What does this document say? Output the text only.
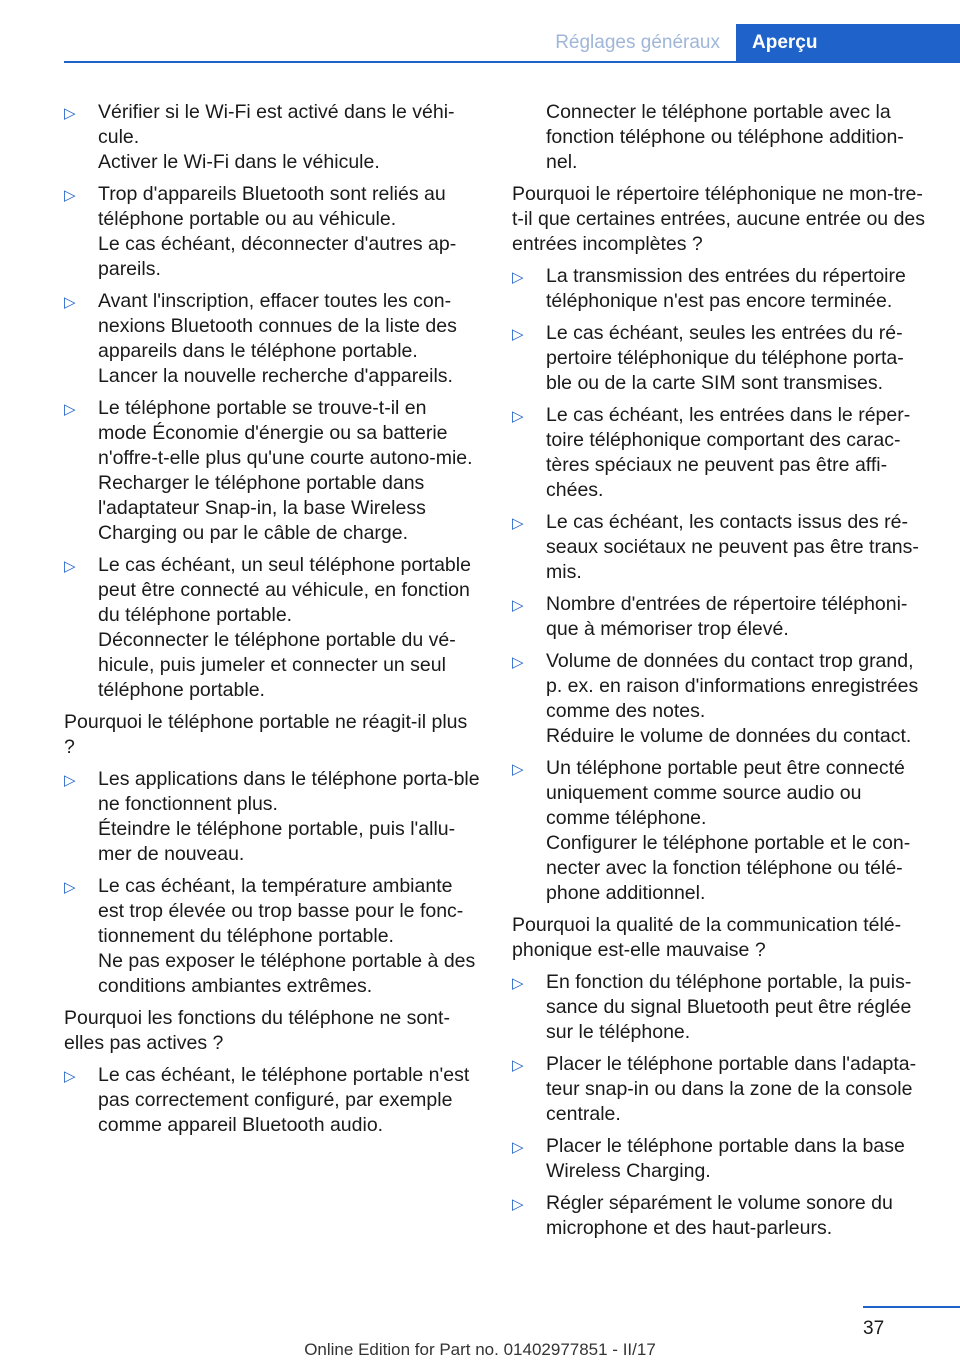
Réglages généraux	Aperçu
▷ Vérifier si le Wi-Fi est activé dans le véhi-cule.

Activer le Wi-Fi dans le véhicule.

▷ Trop d'appareils Bluetooth sont reliés au téléphone portable ou au véhicule.

Le cas échéant, déconnecter d'autres ap-pareils.

▷ Avant l'inscription, effacer toutes les con-nexions Bluetooth connues de la liste des appareils dans le téléphone portable.

Lancer la nouvelle recherche d'appareils.

▷ Le téléphone portable se trouve-t-il en mode Économie d'énergie ou sa batterie n'offre-t-elle plus qu'une courte autono-mie.

Recharger le téléphone portable dans l'adaptateur Snap-in, la base Wireless Charging ou par le câble de charge.

▷ Le cas échéant, un seul téléphone portable peut être connecté au véhicule, en fonction du téléphone portable.

Déconnecter le téléphone portable du vé-hicule, puis jumeler et connecter un seul téléphone portable.

Pourquoi le téléphone portable ne réagit-il plus ?

▷ Les applications dans le téléphone porta-ble ne fonctionnent plus.

Éteindre le téléphone portable, puis l'allu-mer de nouveau.

▷ Le cas échéant, la température ambiante est trop élevée ou trop basse pour le fonc-tionnement du téléphone portable.

Ne pas exposer le téléphone portable à des conditions ambiantes extrêmes.

Pourquoi les fonctions du téléphone ne sont-elles pas actives ?

▷ Le cas échéant, le téléphone portable n'est pas correctement configuré, par exemple comme appareil Bluetooth audio.
Connecter le téléphone portable avec la fonction téléphone ou téléphone addition-nel.

Pourquoi le répertoire téléphonique ne mon-tre-t-il que certaines entrées, aucune entrée ou des entrées incomplètes ?

▷ La transmission des entrées du répertoire téléphonique n'est pas encore terminée.
▷ Le cas échéant, seules les entrées du ré-pertoire téléphonique du téléphone porta-ble ou de la carte SIM sont transmises.
▷ Le cas échéant, les entrées dans le réper-toire téléphonique comportant des carac-tères spéciaux ne peuvent pas être affi-chées.
▷ Le cas échéant, les contacts issus des ré-seaux sociétaux ne peuvent pas être trans-mis.
▷ Nombre d'entrées de répertoire téléphoni-que à mémoriser trop élevé.
▷ Volume de données du contact trop grand, p. ex. en raison d'informations enregistrées comme des notes.

Réduire le volume de données du contact.

▷ Un téléphone portable peut être connecté uniquement comme source audio ou comme téléphone.

Configurer le téléphone portable et le con-necter avec la fonction téléphone ou télé-phone additionnel.

Pourquoi la qualité de la communication télé-phonique est-elle mauvaise ?

▷ En fonction du téléphone portable, la puis-sance du signal Bluetooth peut être réglée sur le téléphone.
▷ Placer le téléphone portable dans l'adapta-teur snap-in ou dans la zone de la console centrale.
▷ Placer le téléphone portable dans la base Wireless Charging.
▷ Régler séparément le volume sonore du microphone et des haut-parleurs.
37
Online Edition for Part no. 01402977851 - II/17
